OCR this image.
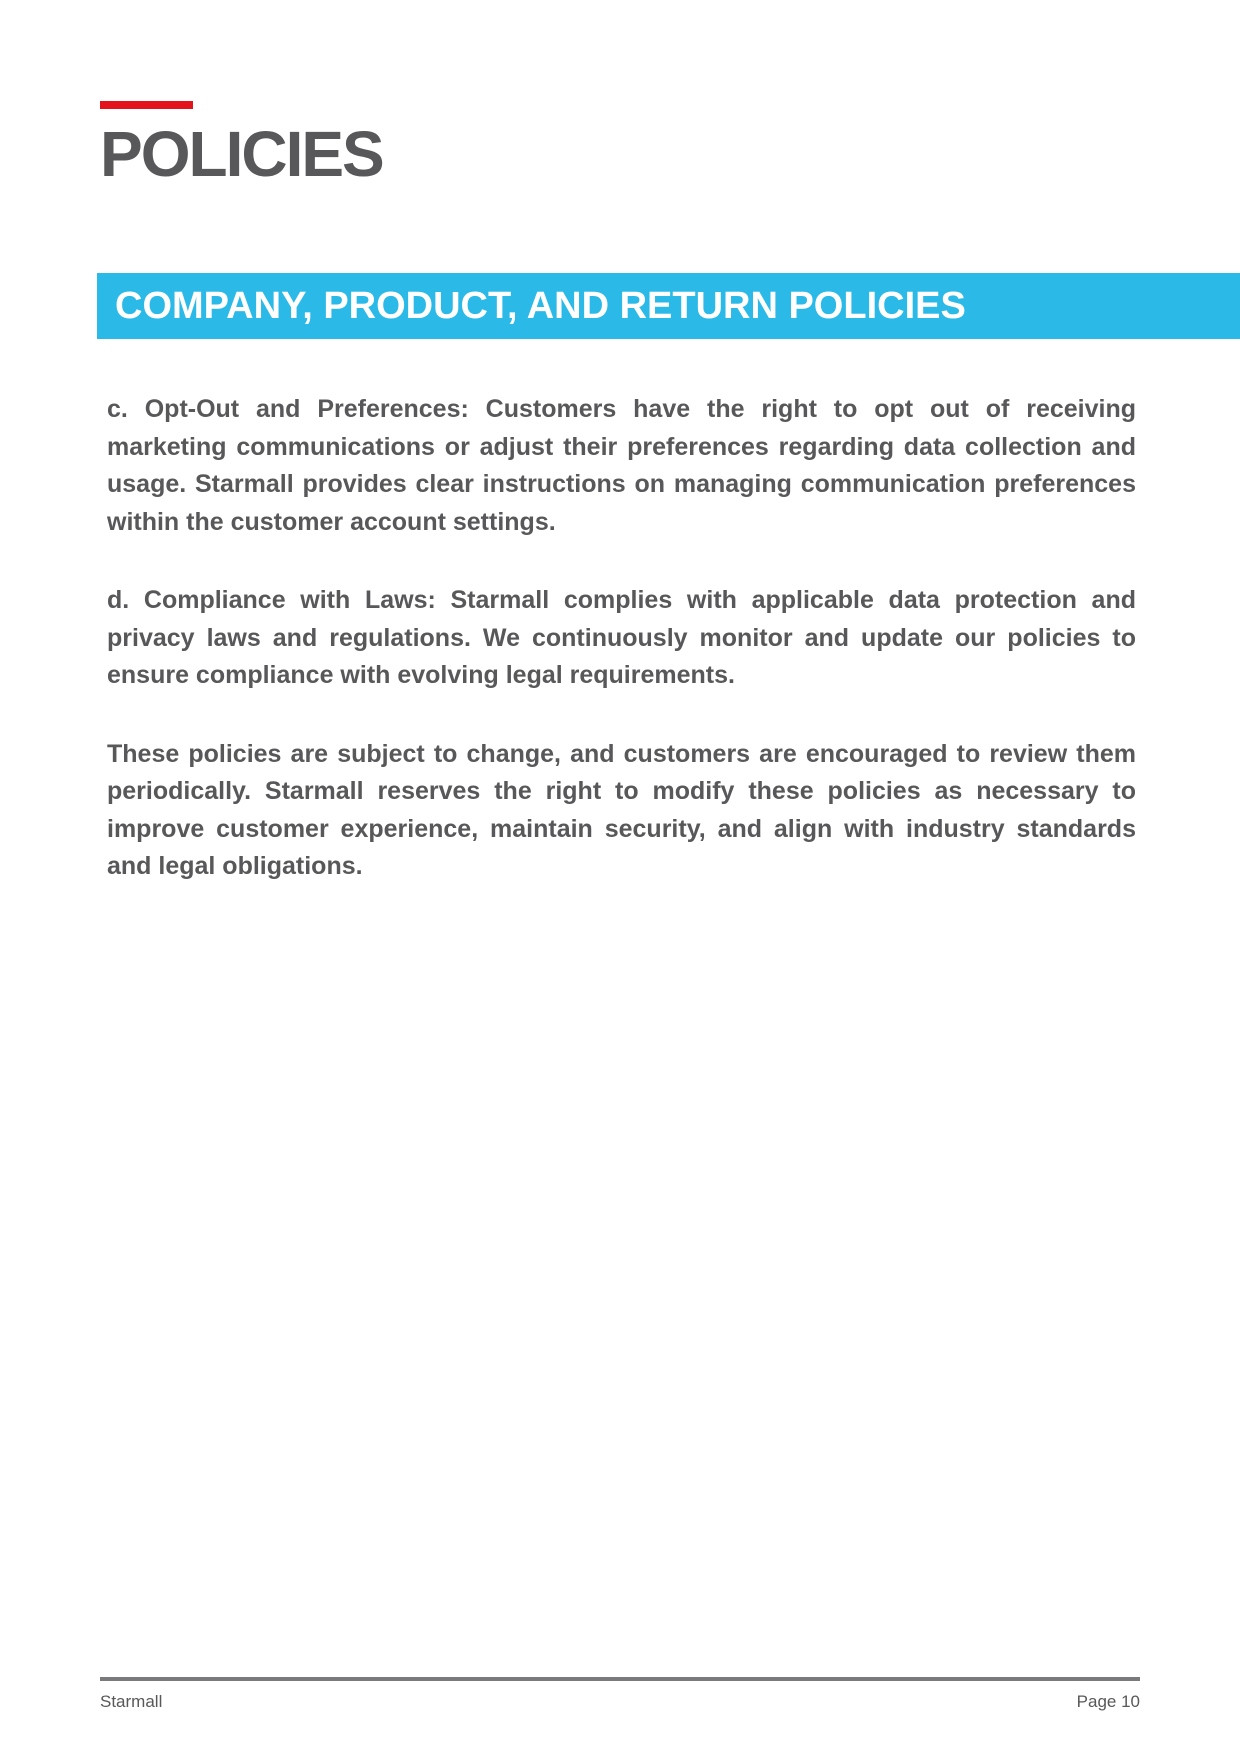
POLICIES
COMPANY, PRODUCT, AND RETURN POLICIES

c. Opt-Out and Preferences: Customers have the right to opt out of receiving marketing communications or adjust their preferences regarding data collection and usage. Starmall provides clear instructions on managing communication preferences within the customer account settings.

d. Compliance with Laws: Starmall complies with applicable data protection and privacy laws and regulations. We continuously monitor and update our policies to ensure compliance with evolving legal requirements.

These policies are subject to change, and customers are encouraged to review them periodically. Starmall reserves the right to modify these policies as necessary to improve customer experience, maintain security, and align with industry standards and legal obligations.

Starmall	Page 10
